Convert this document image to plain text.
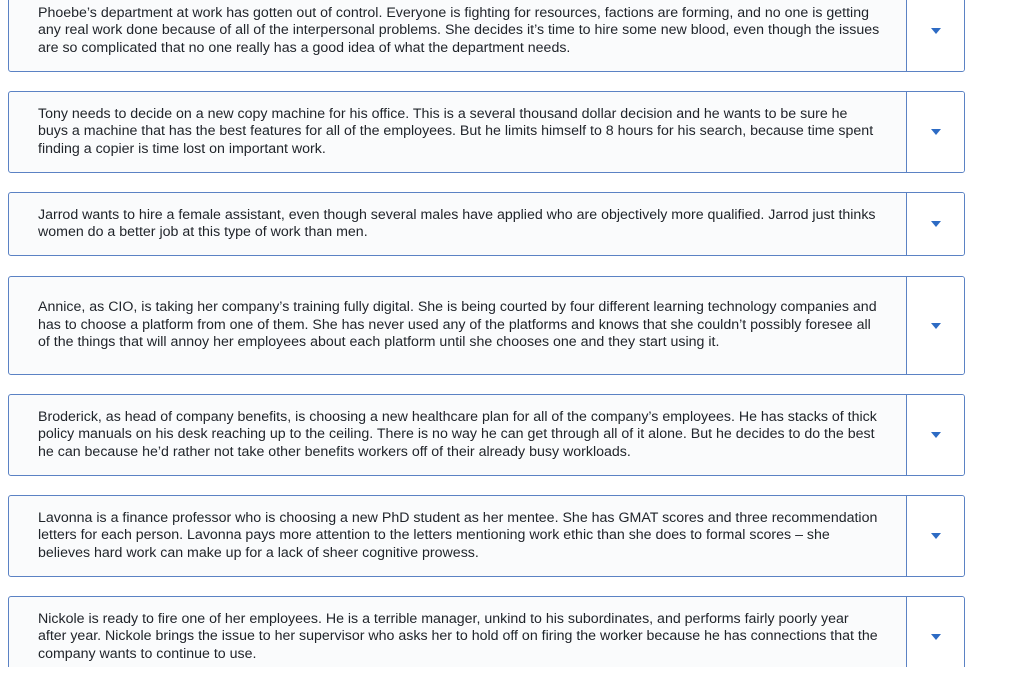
Phoebe’s department at work has gotten out of control. Everyone is fighting for resources, factions are forming, and no one is getting any real work done because of all of the interpersonal problems. She decides it’s time to hire some new blood, even though the issues are so complicated that no one really has a good idea of what the department needs.
Tony needs to decide on a new copy machine for his office. This is a several thousand dollar decision and he wants to be sure he buys a machine that has the best features for all of the employees. But he limits himself to 8 hours for his search, because time spent finding a copier is time lost on important work.
Jarrod wants to hire a female assistant, even though several males have applied who are objectively more qualified. Jarrod just thinks women do a better job at this type of work than men.
Annice, as CIO, is taking her company’s training fully digital. She is being courted by four different learning technology companies and has to choose a platform from one of them. She has never used any of the platforms and knows that she couldn’t possibly foresee all of the things that will annoy her employees about each platform until she chooses one and they start using it.
Broderick, as head of company benefits, is choosing a new healthcare plan for all of the company’s employees. He has stacks of thick policy manuals on his desk reaching up to the ceiling. There is no way he can get through all of it alone. But he decides to do the best he can because he’d rather not take other benefits workers off of their already busy workloads.
Lavonna is a finance professor who is choosing a new PhD student as her mentee. She has GMAT scores and three recommendation letters for each person. Lavonna pays more attention to the letters mentioning work ethic than she does to formal scores – she believes hard work can make up for a lack of sheer cognitive prowess.
Nickole is ready to fire one of her employees. He is a terrible manager, unkind to his subordinates, and performs fairly poorly year after year. Nickole brings the issue to her supervisor who asks her to hold off on firing the worker because he has connections that the company wants to continue to use.
